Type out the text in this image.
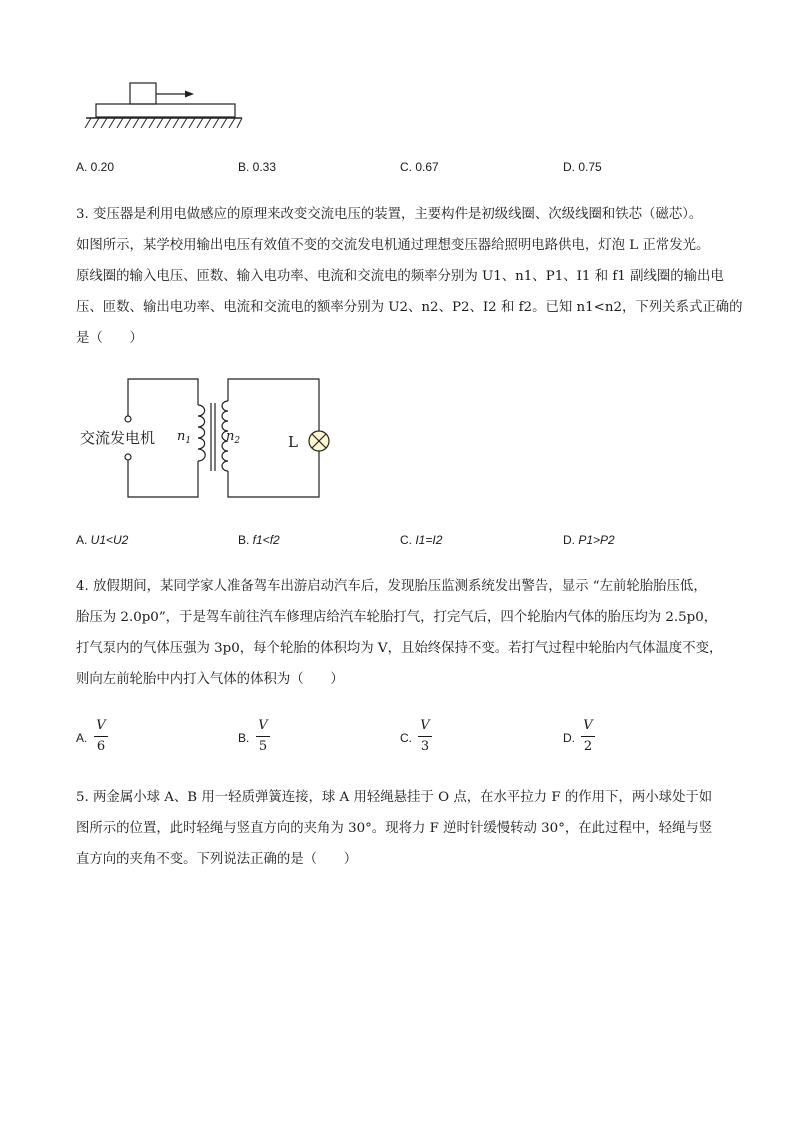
A. 0.20	B. 0.33	C. 0.67	D. 0.75
3. 变压器是利用电做感应的原理来改变交流电压的装置，主要构件是初级线圈、次级线圈和铁芯（磁芯）。
如图所示，某学校用输出电压有效值不变的交流发电机通过理想变压器给照明电路供电，灯泡 L 正常发光。
原线圈的输入电压、匝数、输入电功率、电流和交流电的频率分别为 U1、n1、P1、I1 和 f1 副线圈的输出电
压、匝数、输出电功率、电流和交流电的额率分别为 U2、n2、P2、I2 和 f2。已知 n1<n2，下列关系式正确的
是（　　）
交流发电机 $n_1$	$n_2$	L
A. U1<U2	B. f1<f2	C. I1=I2	D. P1>P2
4. 放假期间，某同学家人准备驾车出游启动汽车后，发现胎压监测系统发出警告，显示 “左前轮胎胎压低，
胎压为 2.0p0”，于是驾车前往汽车修理店给汽车轮胎打气，打完气后，四个轮胎内气体的胎压均为 2.5p0，
打气泵内的气体压强为 3p0，每个轮胎的体积均为 V，且始终保持不变。若打气过程中轮胎内气体温度不变，
则向左前轮胎中内打入气体的体积为（　　）
A.
V
6
B.
V
5
C.
V
3
D.
V
2
5. 两金属小球 A、B 用一轻质弹簧连接，球 A 用轻绳悬挂于 O 点，在水平拉力 F 的作用下，两小球处于如
图所示的位置，此时轻绳与竖直方向的夹角为 30°。现将力 F 逆时针缓慢转动 30°，在此过程中，轻绳与竖
直方向的夹角不变。下列说法正确的是（　　）
